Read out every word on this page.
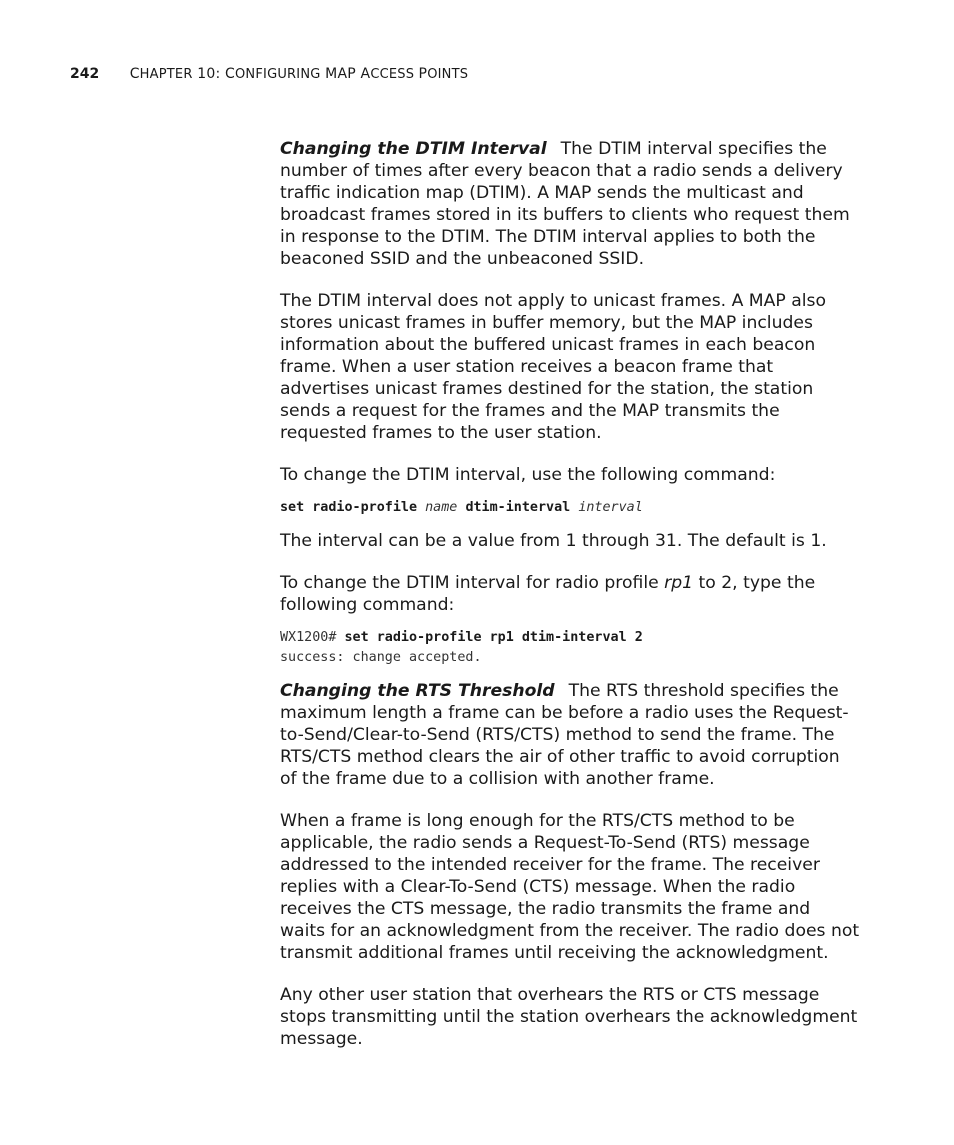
242 CHAPTER 10: CONFIGURING MAP ACCESS POINTS

Changing the DTIM Interval The DTIM interval specifies the number of times after every beacon that a radio sends a delivery traffic indication map (DTIM). A MAP sends the multicast and broadcast frames stored in its buffers to clients who request them in response to the DTIM. The DTIM interval applies to both the beaconed SSID and the unbeaconed SSID.

The DTIM interval does not apply to unicast frames. A MAP also stores unicast frames in buffer memory, but the MAP includes information about the buffered unicast frames in each beacon frame. When a user station receives a beacon frame that advertises unicast frames destined for the station, the station sends a request for the frames and the MAP transmits the requested frames to the user station.

To change the DTIM interval, use the following command:

set radio-profile name dtim-interval interval

The interval can be a value from 1 through 31. The default is 1.

To change the DTIM interval for radio profile rp1 to 2, type the following command:

WX1200# set radio-profile rp1 dtim-interval 2
success: change accepted.

Changing the RTS Threshold The RTS threshold specifies the maximum length a frame can be before a radio uses the Request-to-Send/Clear-to-Send (RTS/CTS) method to send the frame. The RTS/CTS method clears the air of other traffic to avoid corruption of the frame due to a collision with another frame.

When a frame is long enough for the RTS/CTS method to be applicable, the radio sends a Request-To-Send (RTS) message addressed to the intended receiver for the frame. The receiver replies with a Clear-To-Send (CTS) message. When the radio receives the CTS message, the radio transmits the frame and waits for an acknowledgment from the receiver. The radio does not transmit additional frames until receiving the acknowledgment.

Any other user station that overhears the RTS or CTS message stops transmitting until the station overhears the acknowledgment message.
